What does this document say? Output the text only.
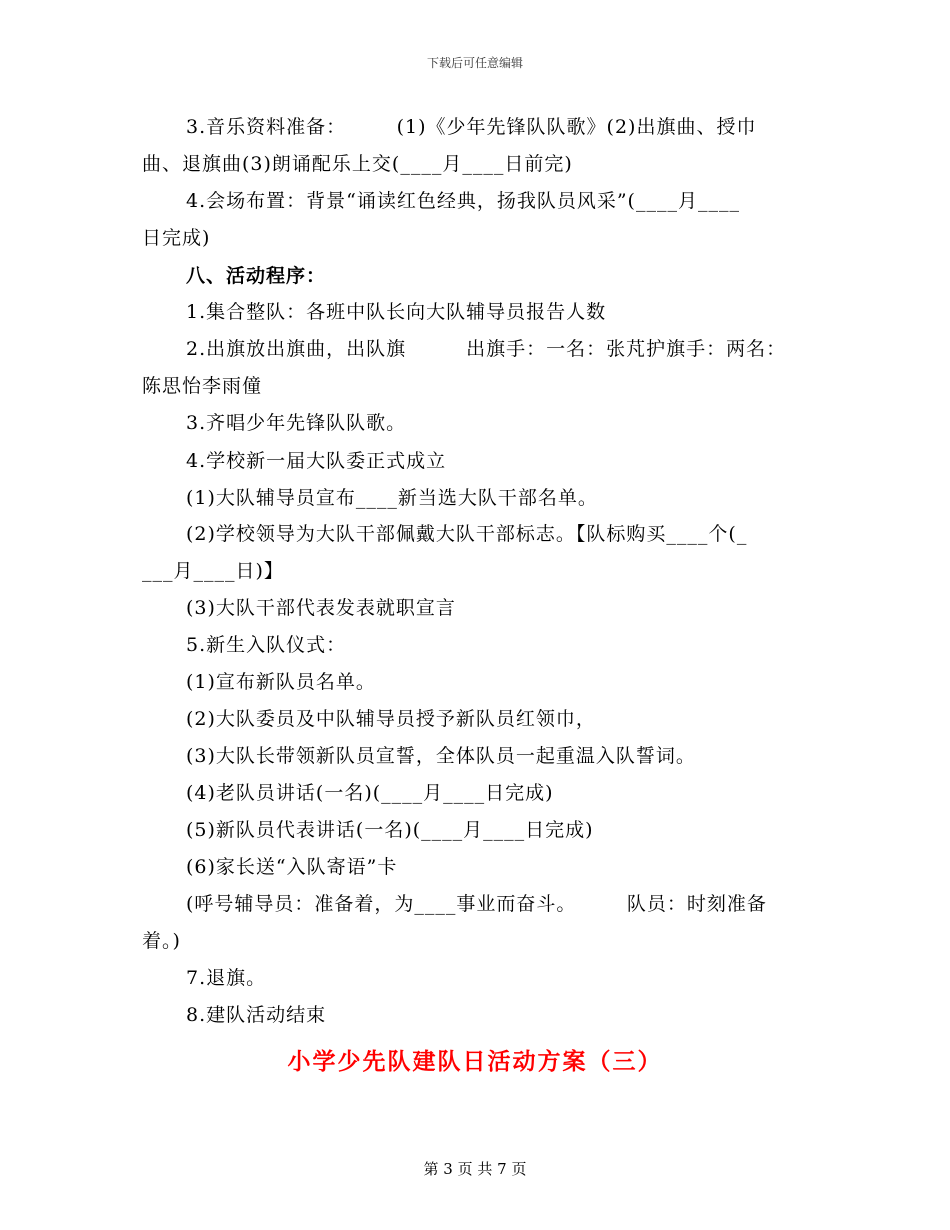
下载后可任意编辑
3.音乐资料准备：　　　(1)《少年先锋队队歌》(2)出旗曲、授巾
曲、退旗曲(3)朗诵配乐上交(____月____日前完)
4.会场布置：背景“诵读红色经典，扬我队员风采”(____月____
日完成)
八、活动程序：
1.集合整队：各班中队长向大队辅导员报告人数
2.出旗放出旗曲，出队旗　　　出旗手：一名：张芃护旗手：两名：
陈思怡李雨僮
3.齐唱少年先锋队队歌。
4.学校新一届大队委正式成立
(1)大队辅导员宣布____新当选大队干部名单。
(2)学校领导为大队干部佩戴大队干部标志。【队标购买____个(_
___月____日)】
(3)大队干部代表发表就职宣言
5.新生入队仪式：
(1)宣布新队员名单。
(2)大队委员及中队辅导员授予新队员红领巾，
(3)大队长带领新队员宣誓，全体队员一起重温入队誓词。
(4)老队员讲话(一名)(____月____日完成)
(5)新队员代表讲话(一名)(____月____日完成)
(6)家长送“入队寄语”卡
(呼号辅导员：准备着，为____事业而奋斗。　　　队员：时刻准备
着。)
7.退旗。
8.建队活动结束
小学少先队建队日活动方案（三）
第 3 页 共 7 页
